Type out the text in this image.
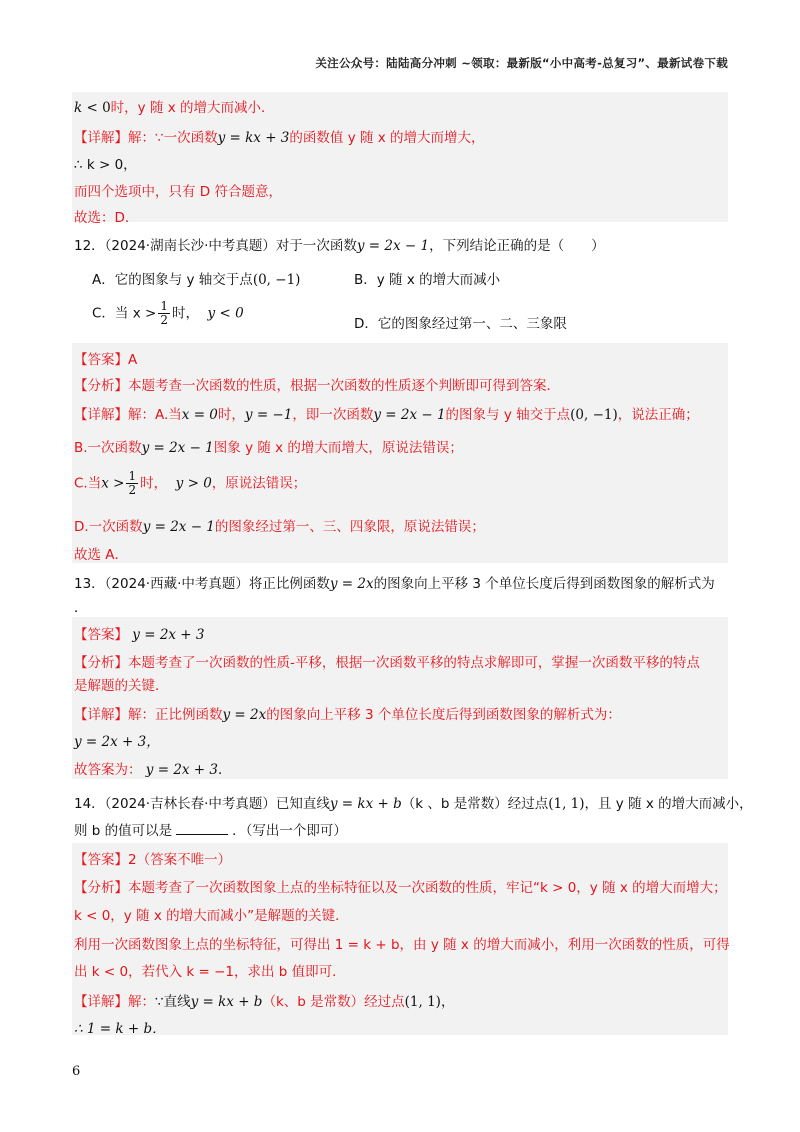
关注公众号：陆陆高分冲刺 ~领取：最新版“小中高考-总复习”、最新试卷下载
k < 0时，y 随 x 的增大而减小．
【详解】解：∵一次函数y = kx + 3的函数值 y 随 x 的增大而增大，
∴ k > 0，
而四个选项中，只有 D 符合题意，
故选：D．
12．（2024·湖南长沙·中考真题）对于一次函数y = 2x − 1，下列结论正确的是（　　）
A．它的图象与 y 轴交于点(0, −1)	B．y 随 x 的增大而减小
C．当 $x > \frac{1}{2}$ 时， y < 0
D．它的图象经过第一、二、三象限
【答案】A
【分析】本题考查一次函数的性质，根据一次函数的性质逐个判断即可得到答案．
【详解】解：A.当x = 0时，y = −1，即一次函数y = 2x − 1的图象与 y 轴交于点(0, −1)，说法正确；
B.一次函数y = 2x − 1图象 y 随 x 的增大而增大，原说法错误；
C.当$x > \frac{1}{2}$ 时， y > 0，原说法错误；
D.一次函数y = 2x − 1的图象经过第一、三、四象限，原说法错误；
故选 A．
13．（2024·西藏·中考真题）将正比例函数y = 2x的图象向上平移 3 个单位长度后得到函数图象的解析式为
．
【答案】 y = 2x + 3
【分析】本题考查了一次函数的性质-平移，根据一次函数平移的特点求解即可，掌握一次函数平移的特点
是解题的关键．
【详解】解：正比例函数y = 2x的图象向上平移 3 个单位长度后得到函数图象的解析式为：
y = 2x + 3，
故答案为： y = 2x + 3．
14．（2024·吉林长春·中考真题）已知直线y = kx + b（k 、b 是常数）经过点(1, 1)，且 y 随 x 的增大而减小，
则 b 的值可以是	．（写出一个即可）
【答案】2（答案不唯一）
【分析】本题考查了一次函数图象上点的坐标特征以及一次函数的性质，牢记“k > 0，y 随 x 的增大而增大；
k < 0，y 随 x 的增大而减小”是解题的关键．
利用一次函数图象上点的坐标特征，可得出 1 = k + b，由 y 随 x 的增大而减小，利用一次函数的性质，可得
出 k < 0，若代入 k = −1，求出 b 值即可．
【详解】解：∵直线y = kx + b（k、b 是常数）经过点(1, 1)，
∴ 1 = k + b．
6
